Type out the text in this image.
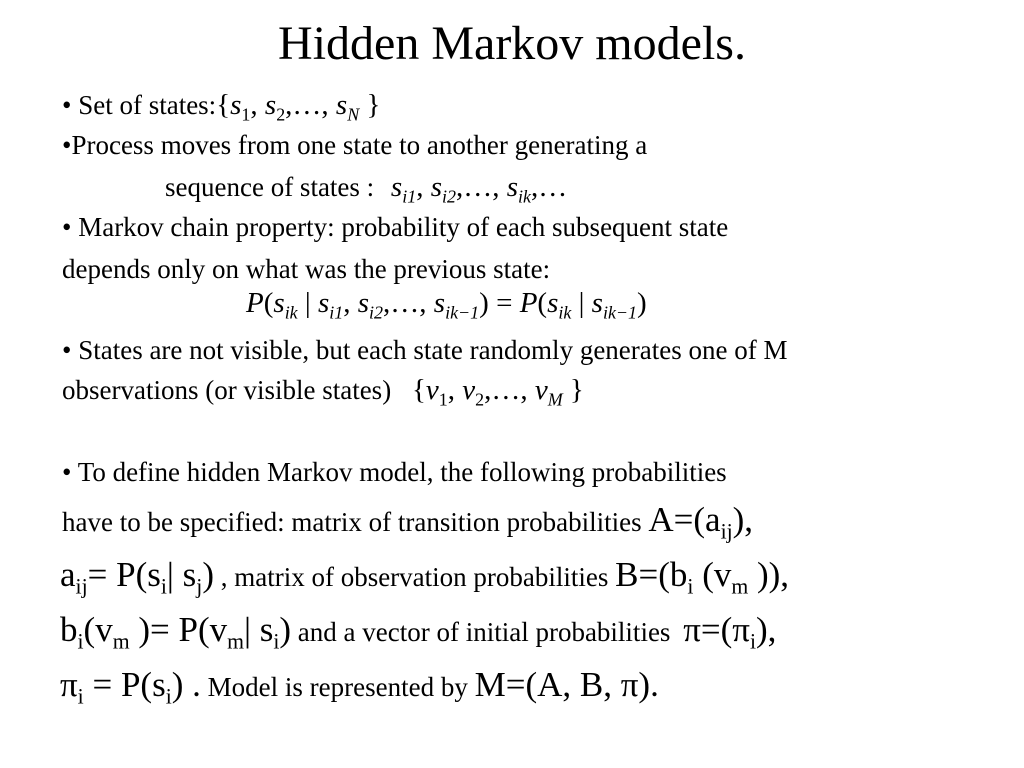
Hidden Markov models.
• Set of $states:\{s_1$, $s_2,\dots$, $s_N$ }
•Process moves from one state to another generating a
sequence of states : $s_{i1}$, $s_{i2},\dots$, $s_{ik},\dots$
• Markov chain property: probability of each subsequent state
depends only on what was the previous state:
$P(s_{ik}$ | $s_{i1}$, $s_{i2},\dots$, $s_{ik-1}) = P(s_{ik}$ | $s_{ik-1}$)
• States are not visible, but each state randomly generates one of M
observations (or visible states) {$v_1$, $v_2,\dots$, $v_M$ }
• To define hidden Markov model, the following probabilities
have to be specified: matrix of transition probabilities $A=(a_{ij})$,
$a_{ij}= P(s_i|$ $s_j$) , matrix of observation probabilities $B=(b_i$ ($v_m$ )),
$b_i(v_m$ )= $P(v_m|$ $s_i$) and a vector of initial probabilities $\pi=(\pi_i)$,
$\pi_i = P(s_i)$ . Model is represented by M=(A, B, π).
